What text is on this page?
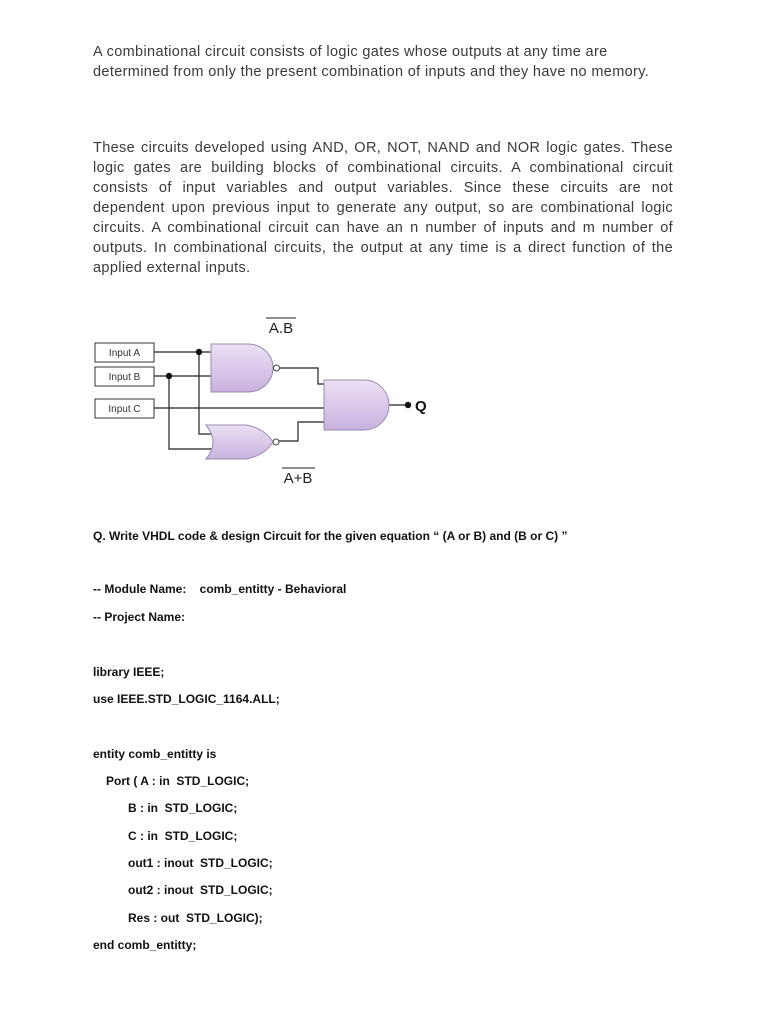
A combinational circuit consists of logic gates whose outputs at any time are determined from only the present combination of inputs and they have no memory.

These circuits developed using AND, OR, NOT, NAND and NOR logic gates. These logic gates are building blocks of combinational circuits. A combinational circuit consists of input variables and output variables. Since these circuits are not dependent upon previous input to generate any output, so are combinational logic circuits. A combinational circuit can have an n number of inputs and m number of outputs. In combinational circuits, the output at any time is a direct function of the applied external inputs.

Input A
Input B
Input C
A.B
A+B
Q

Q. Write VHDL code & design Circuit for the given equation “ (A or B) and (B or C) ”

-- Module Name:    comb_entitty - Behavioral

-- Project Name:

library IEEE;

use IEEE.STD_LOGIC_1164.ALL;

entity comb_entitty is

Port ( A : in  STD_LOGIC;

B : in  STD_LOGIC;

C : in  STD_LOGIC;

out1 : inout  STD_LOGIC;

out2 : inout  STD_LOGIC;

Res : out  STD_LOGIC);

end comb_entitty;
